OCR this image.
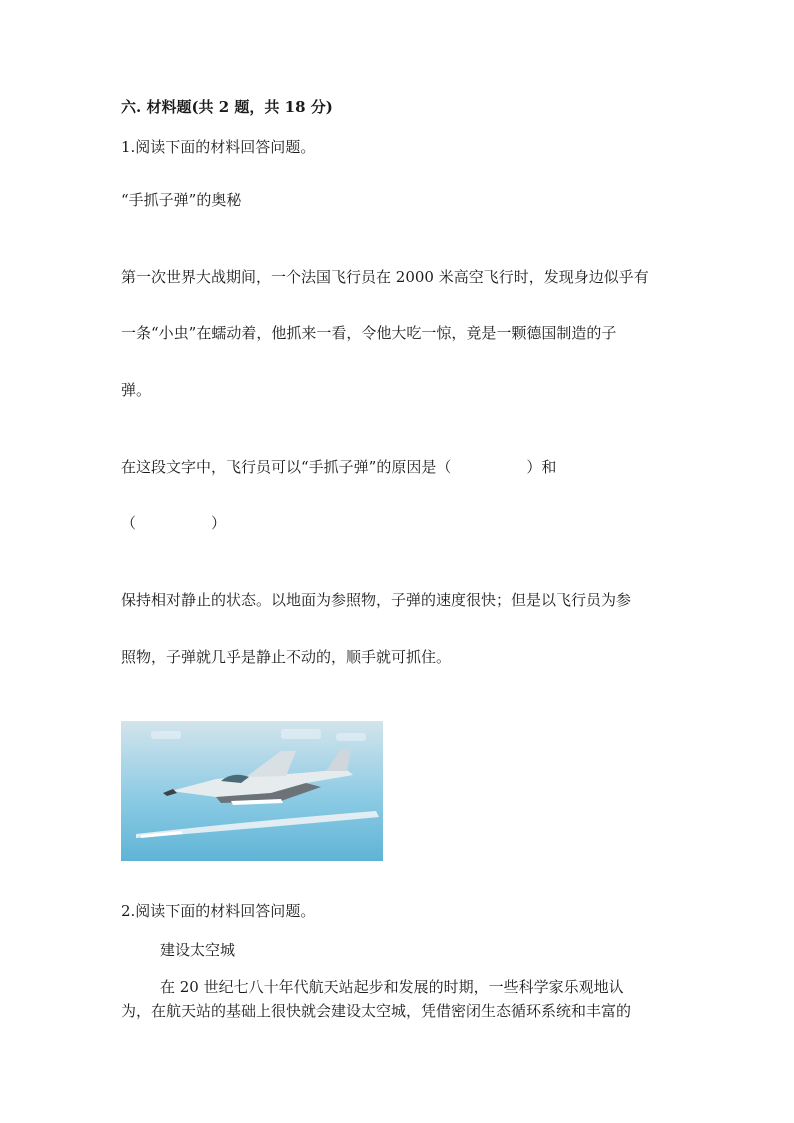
六. 材料题(共 2 题，共 18 分)
1.阅读下面的材料回答问题。
“手抓子弹”的奥秘
第一次世界大战期间，一个法国飞行员在 2000 米高空飞行时，发现身边似乎有
一条“小虫”在蠕动着，他抓来一看，令他大吃一惊，竟是一颗德国制造的子
弹。
在这段文字中，飞行员可以“手抓子弹”的原因是（　　　　　）和
（　　　　　）
保持相对静止的状态。以地面为参照物，子弹的速度很快；但是以飞行员为参
照物，子弹就几乎是静止不动的，顺手就可抓住。
2.阅读下面的材料回答问题。
建设太空城
在 20 世纪七八十年代航天站起步和发展的时期，一些科学家乐观地认
为，在航天站的基础上很快就会建设太空城，凭借密闭生态循环系统和丰富的
